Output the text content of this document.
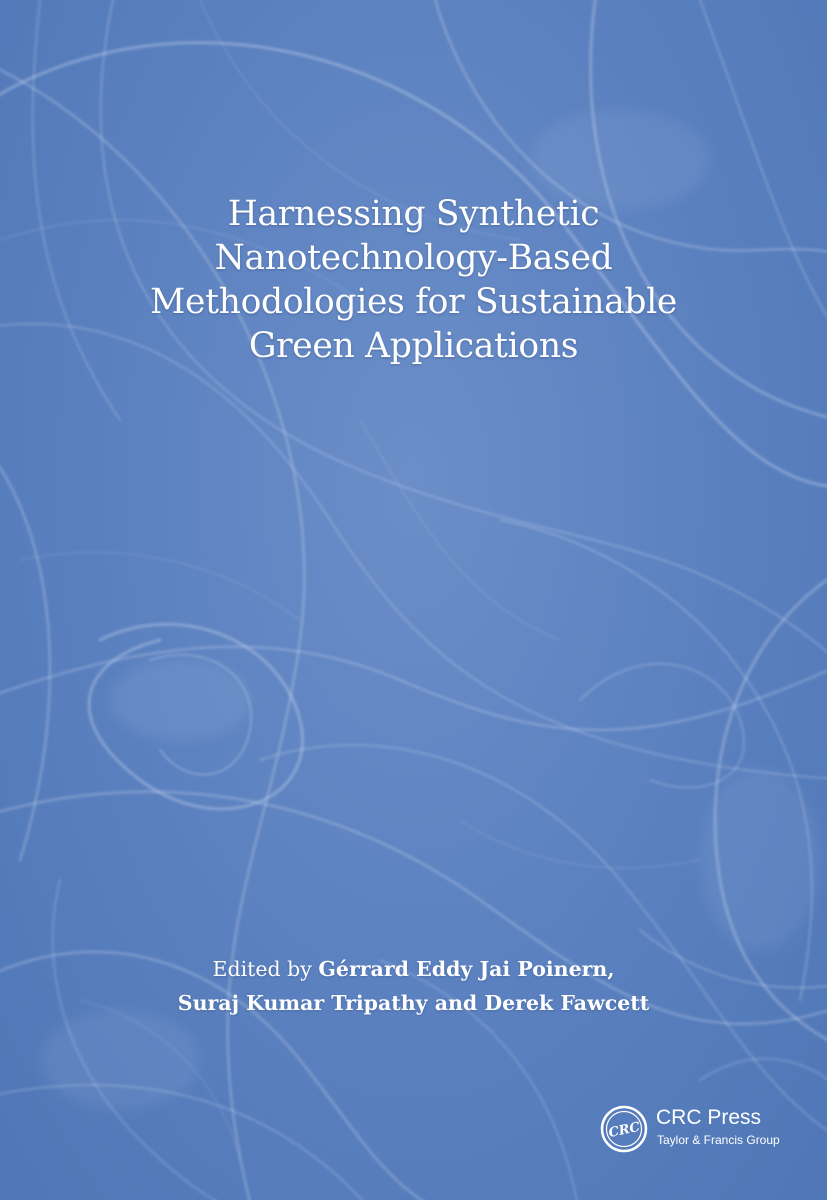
Harnessing Synthetic
Nanotechnology-Based
Methodologies for Sustainable
Green Applications
Edited by Gérrard Eddy Jai Poinern,
Suraj Kumar Tripathy and Derek Fawcett
CRC
CRC Press
Taylor & Francis Group
